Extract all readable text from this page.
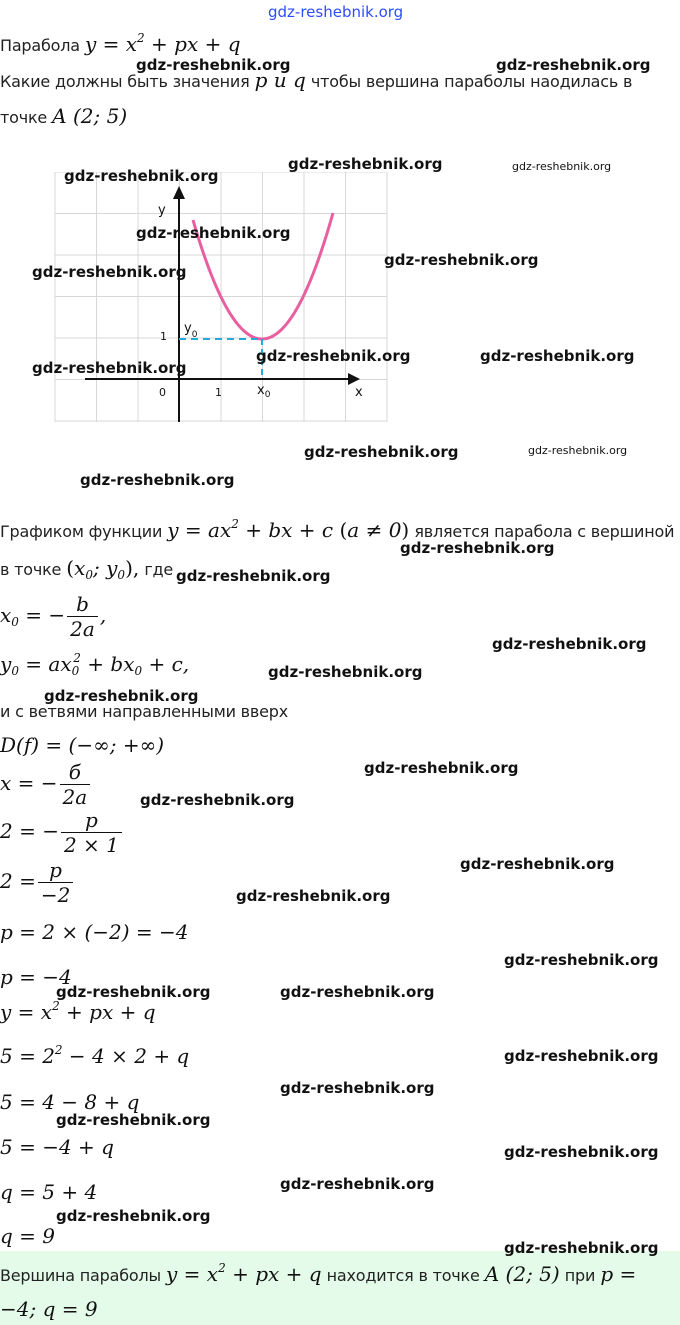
gdz-reshebnik.org
Парабола $y = x^2$ + px + q
Какие должны быть значения p и q чтобы вершина параболы наодилась в
точке A (2; 5)
y
x
0	1
1
$y_0$
$x_0$
Графиком функции $y = ax^2$ + bx + c (a ≠ 0) является парабола с вершиной
в точке ($x_0$; $y_0$), где
$x_0$ = − $\frac{b}{2a}$ ,
$y_0 = ax_0^2 + bx_0 + c$,
и с ветвями направленными вверх
D(f) = (−∞; +∞)
x = − $\frac{б}{2a}$
2 = − $\frac{p}{2 \times 1}$
$2 = \frac{p}{-2}$
p = 2 × (−2) = −4
p = −4
$y = x^2$ + px + q
$5 = 2^2 - 4 \times 2 + q$
5 = 4 − 8 + q
5 = −4 + q
q = 5 + 4
q = 9
Вершина параболы $y = x^2$ + px + q находится в точке A (2; 5) при p =
−4; q = 9
gdz-reshebnik.org	gdz-reshebnik.org
gdz-reshebnik.org
gdz-reshebnik.org	gdz-reshebnik.org
gdz-reshebnik.org
gdz-reshebnik.org
gdz-reshebnik.org
gdz-reshebnik.org	gdz-reshebnik.org
gdz-reshebnik.org
gdz-reshebnik.org	gdz-reshebnik.org
gdz-reshebnik.org
gdz-reshebnik.org
gdz-reshebnik.org
gdz-reshebnik.org
gdz-reshebnik.org
gdz-reshebnik.org
gdz-reshebnik.org
gdz-reshebnik.org
gdz-reshebnik.org
gdz-reshebnik.org
gdz-reshebnik.org
gdz-reshebnik.org	gdz-reshebnik.org
gdz-reshebnik.org
gdz-reshebnik.org
gdz-reshebnik.org
gdz-reshebnik.org
gdz-reshebnik.org
gdz-reshebnik.org
gdz-reshebnik.org
